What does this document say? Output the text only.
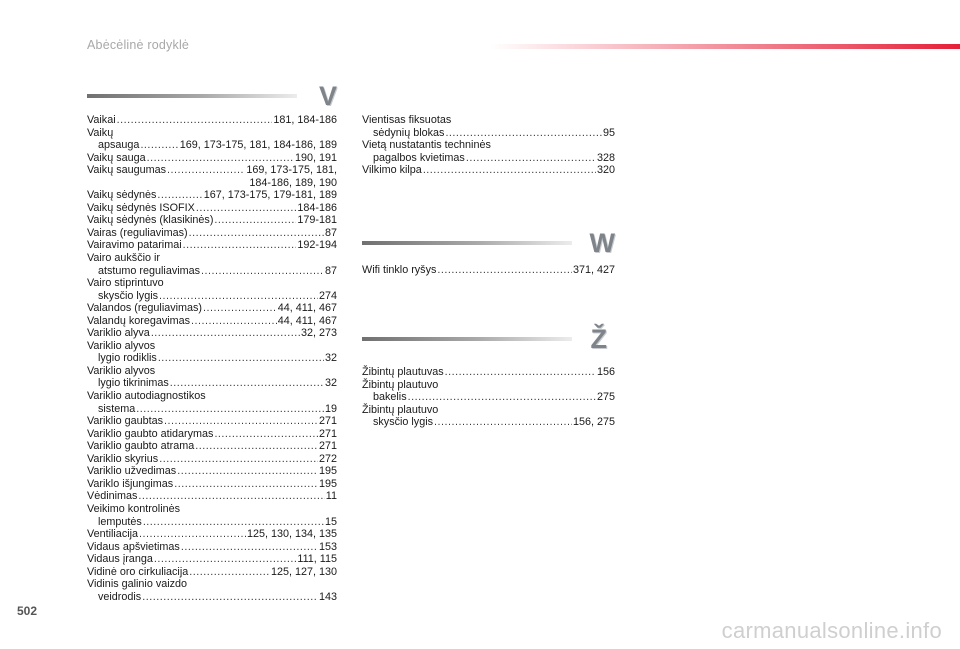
Abėcėlinė rodyklė
V
W
Ž
Vaikai .....	181, 184-186
Vaikų
apsauga .....	169, 173-175, 181, 184-186, 189
Vaikų sauga .....	190, 191
Vaikų saugumas .....	169, 173-175, 181,
184-186, 189, 190
Vaikų sėdynės .....	167, 173-175, 179-181, 189
Vaikų sėdynės ISOFIX .....	184-186
Vaikų sėdynės (klasikinės) .....	179-181
Vairas (reguliavimas) .....	87
Vairavimo patarimai .....	192-194
Vairo aukščio ir
atstumo reguliavimas .....	87
Vairo stiprintuvo
skysčio lygis .....	274
Valandos (reguliavimas) .....	44, 411, 467
Valandų koregavimas .....	44, 411, 467
Variklio alyva .....	32, 273
Variklio alyvos
lygio rodiklis .....	32
Variklio alyvos
lygio tikrinimas .....	32
Variklio autodiagnostikos
sistema .....	19
Variklio gaubtas .....	271
Variklio gaubto atidarymas .....	271
Variklio gaubto atrama .....	271
Variklio skyrius .....	272
Variklio užvedimas .....	195
Variklo išjungimas .....	195
Vėdinimas .....	11
Veikimo kontrolinės
lemputės .....	15
Ventiliacija .....	125, 130, 134, 135
Vidaus apšvietimas .....	153
Vidaus įranga .....	111, 115
Vidinė oro cirkuliacija .....	125, 127, 130
Vidinis galinio vaizdo
veidrodis .....	143
Vientisas fiksuotas
sėdynių blokas .....	95
Vietą nustatantis techninės
pagalbos kvietimas .....	328
Vilkimo kilpa .....	320
Wifi tinklo ryšys .....	371, 427
Žibintų plautuvas .....	156
Žibintų plautuvo
bakelis .....	275
Žibintų plautuvo
skysčio lygis .....	156, 275
502
carmanualsonline.info
